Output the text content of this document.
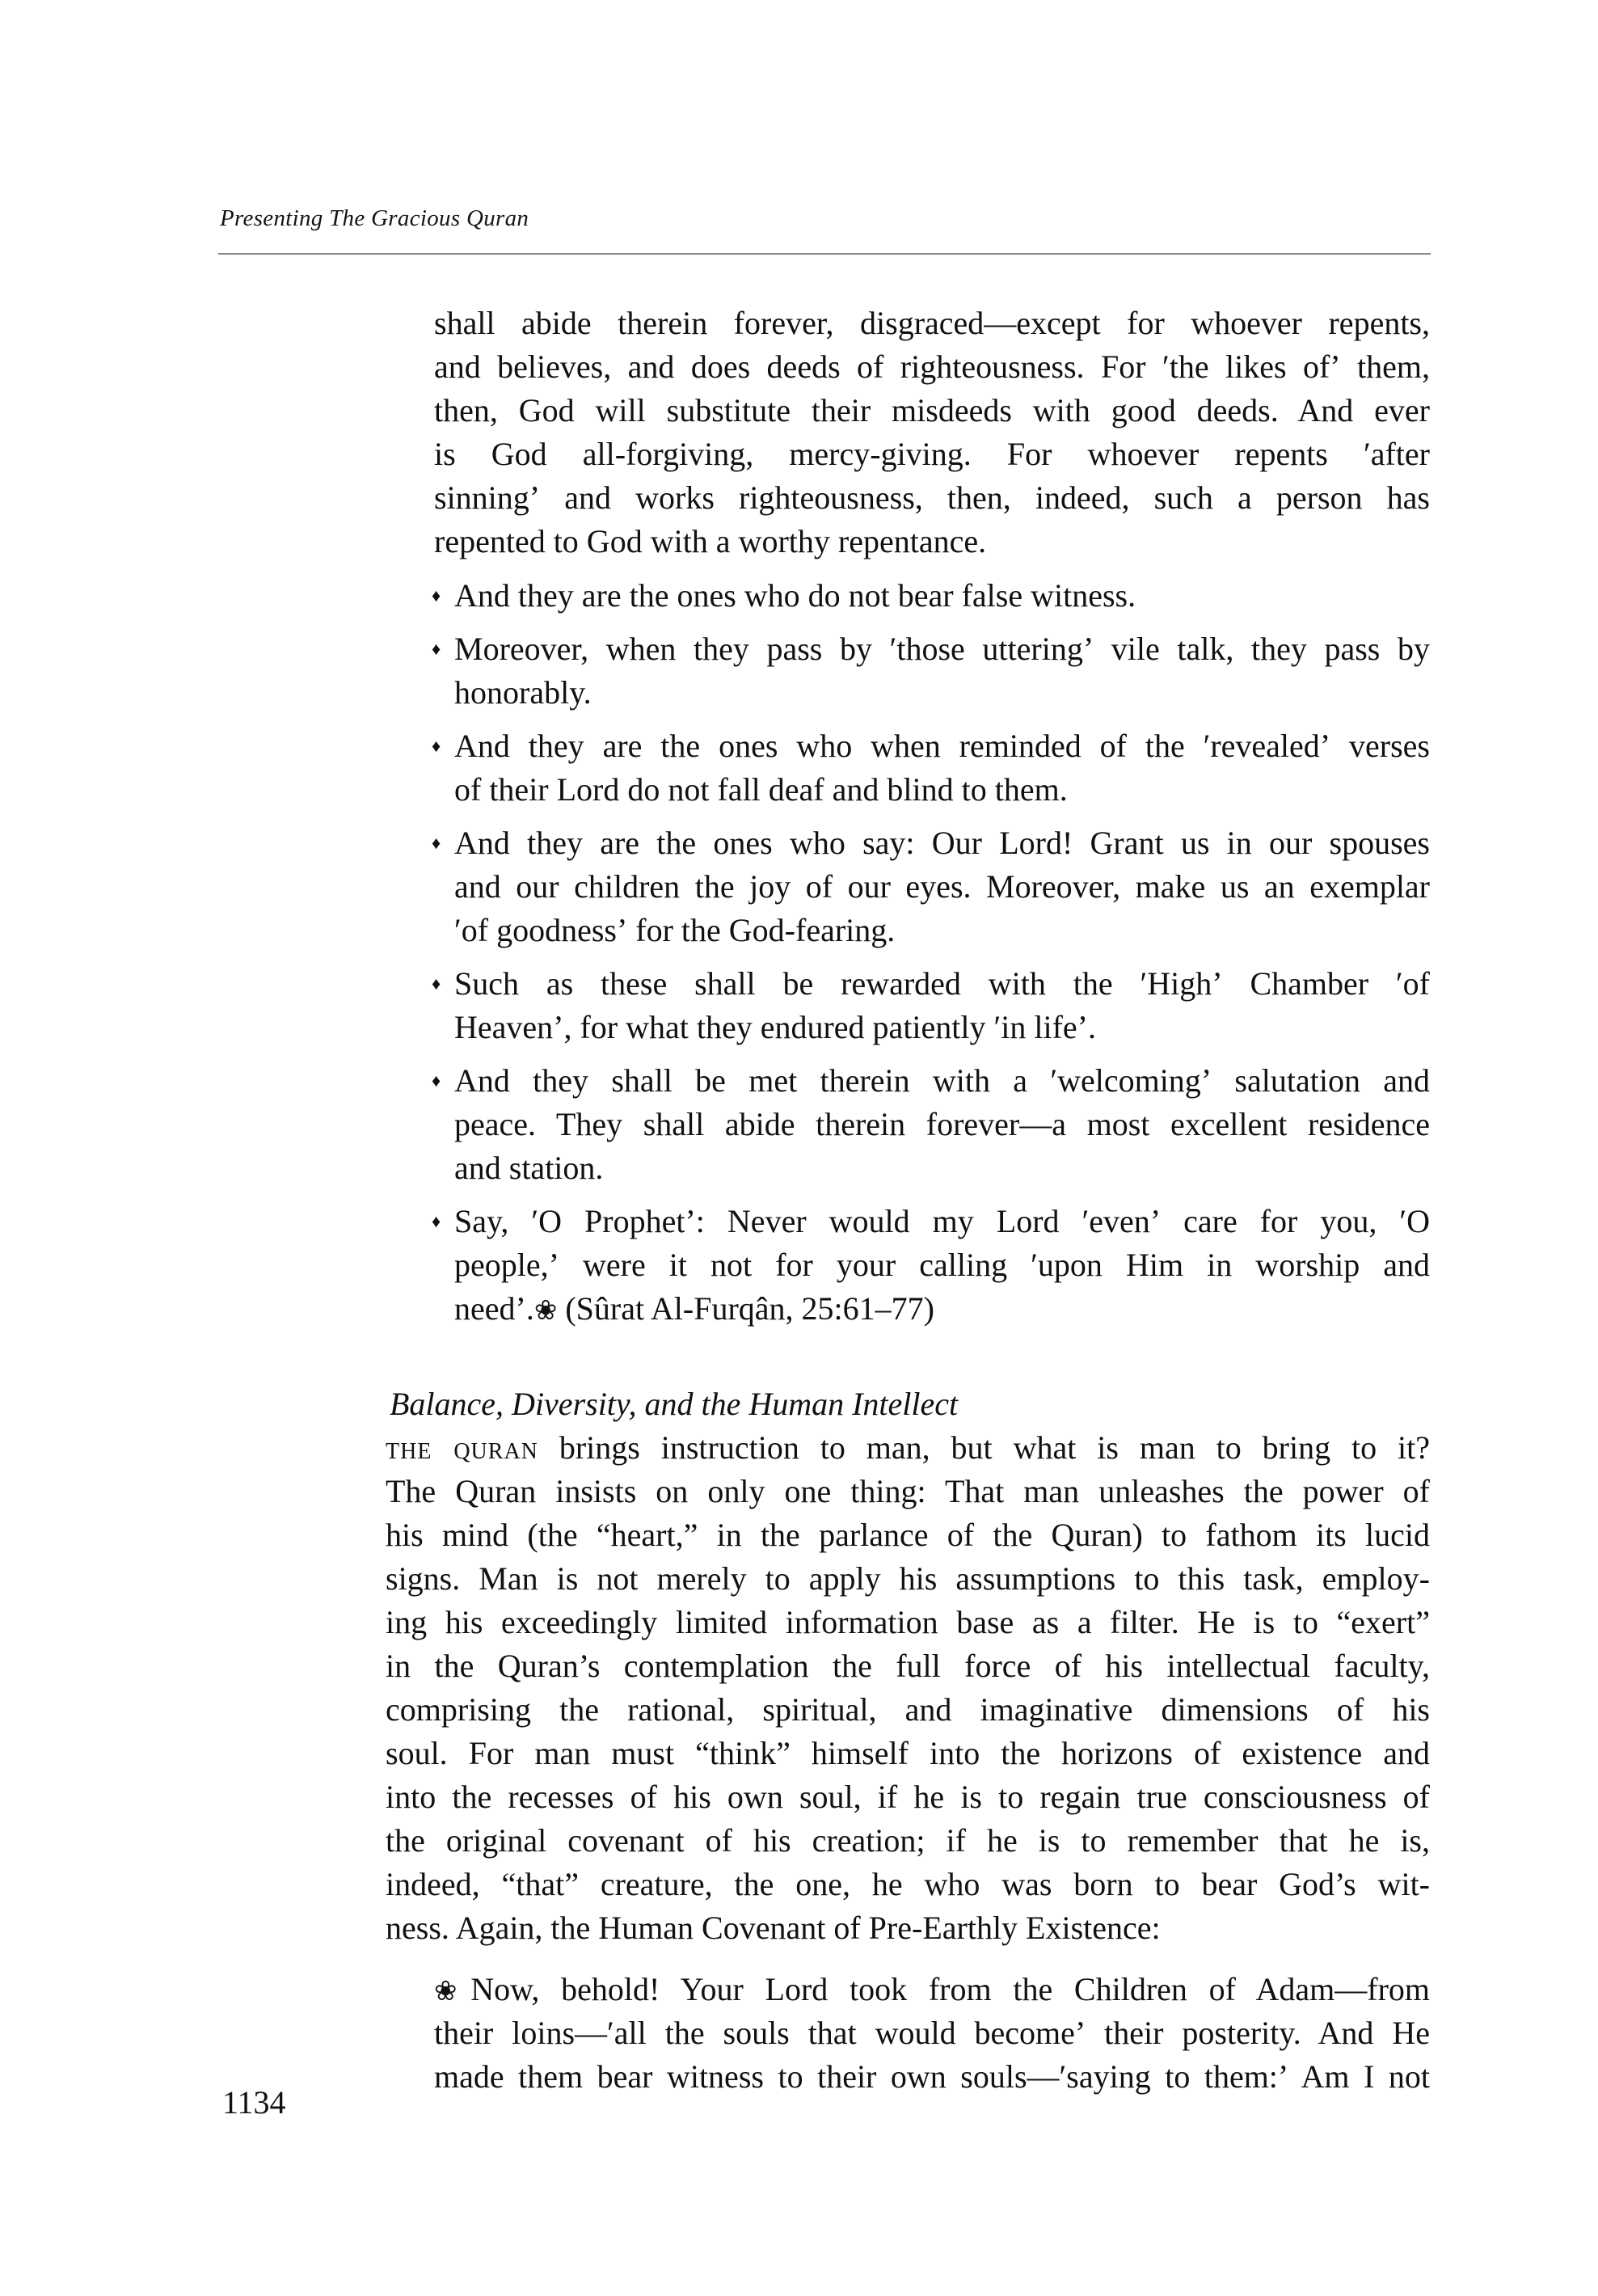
Presenting The Gracious Quran
shall abide therein forever, disgraced—except for whoever repents,
and believes, and does deeds of righteousness. For ʹthe likes ofʼ them,
then, God will substitute their misdeeds with good deeds. And ever
is God all-forgiving, mercy-giving. For whoever repents ʹafter
sinningʼ and works righteousness, then, indeed, such a person has
repented to God with a worthy repentance.
♦ And they are the ones who do not bear false witness.
♦ Moreover, when they pass by ʹthose utteringʼ vile talk, they pass by
honorably.
♦ And they are the ones who when reminded of the ʹrevealedʼ verses
of their Lord do not fall deaf and blind to them.
♦ And they are the ones who say: Our Lord! Grant us in our spouses
and our children the joy of our eyes. Moreover, make us an exemplar
ʹof goodnessʼ for the God-fearing.
♦ Such as these shall be rewarded with the ʹHighʼ Chamber ʹof
Heavenʼ, for what they endured patiently ʹin lifeʼ.
♦ And they shall be met therein with a ʹwelcomingʼ salutation and
peace. They shall abide therein forever—a most excellent residence
and station.
♦ Say, ʹO Prophetʼ: Never would my Lord ʹevenʼ care for you, ʹO
people,ʼ were it not for your calling ʹupon Him in worship and
needʼ.❀ (Sûrat Al-Furqân, 25:61–77)
Balance, Diversity, and the Human Intellect
the quran brings instruction to man, but what is man to bring to it?
The Quran insists on only one thing: That man unleashes the power of
his mind (the “heart,” in the parlance of the Quran) to fathom its lucid
signs. Man is not merely to apply his assumptions to this task, employ-
ing his exceedingly limited information base as a filter. He is to “exert”
in the Quran’s contemplation the full force of his intellectual faculty,
comprising the rational, spiritual, and imaginative dimensions of his
soul. For man must “think” himself into the horizons of existence and
into the recesses of his own soul, if he is to regain true consciousness of
the original covenant of his creation; if he is to remember that he is,
indeed, “that” creature, the one, he who was born to bear God’s wit-
ness. Again, the Human Covenant of Pre-Earthly Existence:
❀Now, behold! Your Lord took from the Children of Adam—from
their loins—ʹall the souls that would becomeʼ their posterity. And He
made them bear witness to their own souls—ʹsaying to them:ʼ Am I not
1134
